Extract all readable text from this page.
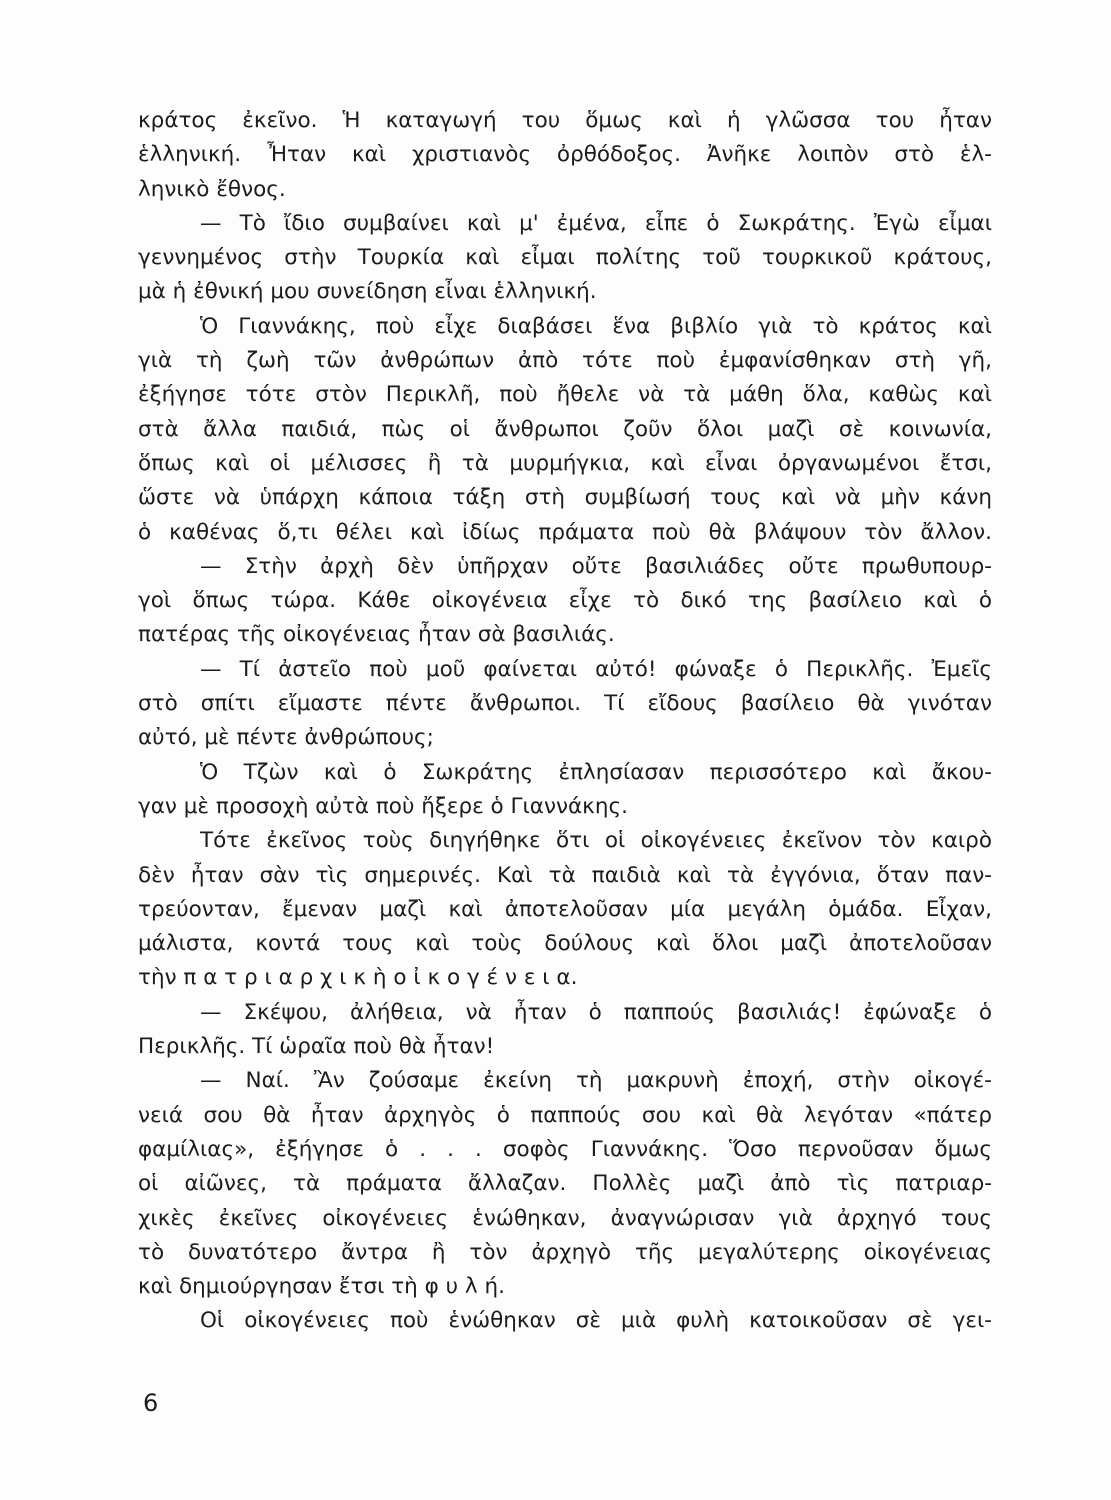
κράτος ἐκεῖνο. Ἡ καταγωγή του ὅμως καὶ ἡ γλῶσσα του ἦταν
ἑλληνική. Ἦταν καὶ χριστιανὸς ὀρθόδοξος. Ἀνῆκε λοιπὸν στὸ ἑλ-
ληνικὸ ἔθνος.
— Τὸ ἴδιο συμβαίνει καὶ μ' ἐμένα, εἶπε ὁ Σωκράτης. Ἐγὼ εἶμαι
γεννημένος στὴν Τουρκία καὶ εἶμαι πολίτης τοῦ τουρκικοῦ κράτους,
μὰ ἡ ἐθνική μου συνείδηση εἶναι ἑλληνική.
Ὁ Γιαννάκης, ποὺ εἶχε διαβάσει ἕνα βιβλίο γιὰ τὸ κράτος καὶ
γιὰ τὴ ζωὴ τῶν ἀνθρώπων ἀπὸ τότε ποὺ ἐμφανίσθηκαν στὴ γῆ,
ἐξήγησε τότε στὸν Περικλῆ, ποὺ ἤθελε νὰ τὰ μάθη ὅλα, καθὼς καὶ
στὰ ἄλλα παιδιά, πὼς οἱ ἄνθρωποι ζοῦν ὅλοι μαζὶ σὲ κοινωνία,
ὅπως καὶ οἱ μέλισσες ἢ τὰ μυρμήγκια, καὶ εἶναι ὀργανωμένοι ἔτσι,
ὥστε νὰ ὑπάρχη κάποια τάξη στὴ συμβίωσή τους καὶ νὰ μὴν κάνη
ὁ καθένας ὅ,τι θέλει καὶ ἰδίως πράματα ποὺ θὰ βλάψουν τὸν ἄλλον.
— Στὴν ἀρχὴ δὲν ὑπῆρχαν οὔτε βασιλιάδες οὔτε πρωθυπουρ-
γοὶ ὅπως τώρα. Κάθε οἰκογένεια εἶχε τὸ δικό της βασίλειο καὶ ὁ
πατέρας τῆς οἰκογένειας ἦταν σὰ βασιλιάς.
— Τί ἀστεῖο ποὺ μοῦ φαίνεται αὐτό! φώναξε ὁ Περικλῆς. Ἐμεῖς
στὸ σπίτι εἴμαστε πέντε ἄνθρωποι. Τί εἴδους βασίλειο θὰ γινόταν
αὐτό, μὲ πέντε ἀνθρώπους;
Ὁ Τζὼν καὶ ὁ Σωκράτης ἐπλησίασαν περισσότερο καὶ ἄκου-
γαν μὲ προσοχὴ αὐτὰ ποὺ ἤξερε ὁ Γιαννάκης.
Τότε ἐκεῖνος τοὺς διηγήθηκε ὅτι οἱ οἰκογένειες ἐκεῖνον τὸν καιρὸ
δὲν ἦταν σὰν τὶς σημερινές. Καὶ τὰ παιδιὰ καὶ τὰ ἐγγόνια, ὅταν παν-
τρεύονταν, ἔμεναν μαζὶ καὶ ἀποτελοῦσαν μία μεγάλη ὁμάδα. Εἶχαν,
μάλιστα, κοντά τους καὶ τοὺς δούλους καὶ ὅλοι μαζὶ ἀποτελοῦσαν
τὴν π α τ ρ ι α ρ χ ι κ ὴ ο ἰ κ ο γ έ ν ε ι α.
— Σκέψου, ἀλήθεια, νὰ ἦταν ὁ παππούς βασιλιάς! ἐφώναξε ὁ
Περικλῆς. Τί ὡραῖα ποὺ θὰ ἦταν!
— Ναί. Ἂν ζούσαμε ἐκείνη τὴ μακρυνὴ ἐποχή, στὴν οἰκογέ-
νειά σου θὰ ἦταν ἀρχηγὸς ὁ παππούς σου καὶ θὰ λεγόταν «πάτερ
φαμίλιας», ἐξήγησε ὁ . . . σοφὸς Γιαννάκης. Ὅσο περνοῦσαν ὅμως
οἱ αἰῶνες, τὰ πράματα ἄλλαζαν. Πολλὲς μαζὶ ἀπὸ τὶς πατριαρ-
χικὲς ἐκεῖνες οἰκογένειες ἑνώθηκαν, ἀναγνώρισαν γιὰ ἀρχηγό τους
τὸ δυνατότερο ἄντρα ἢ τὸν ἀρχηγὸ τῆς μεγαλύτερης οἰκογένειας
καὶ δημιούργησαν ἔτσι τὴ φ υ λ ή.
Οἱ οἰκογένειες ποὺ ἑνώθηκαν σὲ μιὰ φυλὴ κατοικοῦσαν σὲ γει-
6
